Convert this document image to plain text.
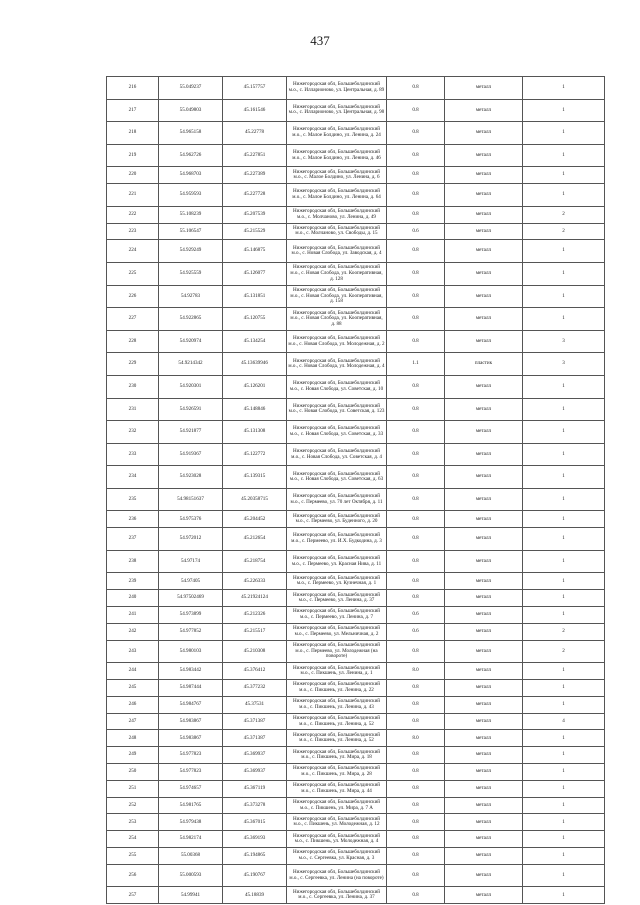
437
216	55.049237	45.157757	Нижегородская обл, Большеболдинский м.о., с. Илларионово, ул. Центральная, д. 89	0.8	металл	1
217	55.049803	45.161546	Нижегородская обл, Большеболдинский м.о., с. Илларионово, ул. Центральная, д. 98	0.8	металл	1
218	54.965158	45.22778	Нижегородская обл, Большеболдинский м.о., с. Малое Болдино, ул. Ленина, д. 24	0.8	металл	1
219	54.962726	45.227851	Нижегородская обл, Большеболдинский м.о., с. Малое Болдино, ул. Ленина, д. 46	0.8	металл	1
220	54.968703	45.227389	Нижегородская обл, Большеболдинский м.о., с. Малое Болдино, ул. Ленина, д. 6	0.8	металл	1
221	54.959593	45.227728	Нижегородская обл, Большеболдинский м.о., с. Малое Болдино, ул. Ленина, д. 64	0.8	металл	1
222	55.108239	45.207539	Нижегородская обл, Большеболдинский м.о., с. Молчаново, ул. Ленина, д. 49	0.8	металл	2
223	55.106547	45.215529	Нижегородская обл, Большеболдинский м.о., с. Молчаново, ул. Свободы, д. 15	0.6	металл	2
224	54.929249	45.146875	Нижегородская обл, Большеболдинский м.о., с. Новая Слобода, ул. Заводская, д. 4	0.8	металл	1
225	54.925559	45.126077	Нижегородская обл, Большеболдинский м.о., с. Новая Слобода, ул. Кооперативная, д. 128	0.8	металл	1
226	54.92783	45.131851	Нижегородская обл, Большеболдинский м.о., с. Новая Слобода, ул. Кооперативная, д. 158	0.8	металл	1
227	54.922865	45.120755	Нижегородская обл, Большеболдинский м.о., с. Новая Слобода, ул. Кооперативная, д. 88	0.8	металл	1
228	54.920974	45.134254	Нижегородская обл, Большеболдинский м.о., с. Новая Слобода, ул. Молодежная, д. 2	0.8	металл	3
229	54.9214342	45.13639946	Нижегородская обл, Большеболдинский м.о., с. Новая Слобода, ул. Молодежная, д. 4	1.1	пластик	3
230	54.920301	45.126201	Нижегородская обл, Большеболдинский м.о., с. Новая Слобода, ул. Советская, д. 10	0.8	металл	1
231	54.926591	45.148846	Нижегородская обл, Большеболдинский м.о., с. Новая Слобода, ул. Советская, д. 123	0.8	металл	1
232	54.921877	45.131308	Нижегородская обл, Большеболдинский м.о., с. Новая Слобода, ул. Советская, д. 33	0.8	металл	1
233	54.919367	45.122772	Нижегородская обл, Большеболдинский м.о., с. Новая Слобода, ул. Советская, д. 4	0.8	металл	1
234	54.923028	45.139315	Нижегородская обл, Большеболдинский м.о., с. Новая Слобода, ул. Советская, д. 63	0.8	металл	1
235	54.98151637	45.20358715	Нижегородская обл, Большеболдинский м.о., с. Пермеево, ул. 70 лет Октября, д. 11	0.8	металл	1
236	54.975376	45.204452	Нижегородская обл, Большеболдинский м.о., с. Пермеево, ул. Буденного, д. 20	0.8	металл	1
237	54.972012	45.212654	Нижегородская обл, Большеболдинский м.о., с. Пермеево, ул. И.Х. Будкодина, д. 3	0.8	металл	1
238	54.97174	45.218754	Нижегородская обл, Большеболдинский м.о., с. Пермеево, ул. Красная Нива, д. 11	0.8	металл	1
239	54.97405	45.226333	Нижегородская обл, Большеболдинский м.о., с. Пермеево, ул. Кузнечная, д. 1	0.8	металл	1
240	54.97502469	45.21924124	Нижегородская обл, Большеболдинский м.о., с. Пермеево, ул. Ленина, д. 37	0.8	металл	1
241	54.973899	45.212326	Нижегородская обл, Большеболдинский м.о., с. Пермеево, ул. Ленина, д. 7	0.6	металл	1
242	54.977852	45.215517	Нижегородская обл, Большеболдинский м.о., с. Пермеево, ул. Мельничная, д. 2	0.6	металл	2
243	54.980103	45.210308	Нижегородская обл, Большеболдинский м.о., с. Пермеево, ул. Молодежная (на повороте)	0.8	металл	2
244	54.983442	45.376412	Нижегородская обл, Большеболдинский м.о., с. Пикшень, ул. Ленина, д. 1	8.0	металл	1
245	54.987444	45.377232	Нижегородская обл, Большеболдинский м.о., с. Пикшень, ул. Ленина, д. 22	0.8	металл	1
246	54.984767	45.37531	Нижегородская обл, Большеболдинский м.о., с. Пикшень, ул. Ленина, д. 43	0.8	металл	1
247	54.983867	45.371387	Нижегородская обл, Большеболдинский м.о., с. Пикшень, ул. Ленина, д. 52	0.8	металл	4
248	54.983867	45.371387	Нижегородская обл, Большеболдинский м.о., с. Пикшень, ул. Ленина, д. 52	8.0	металл	1
249	54.977823	45.369937	Нижегородская обл, Большеболдинский м.о., с. Пикшень, ул. Мира, д. 18	0.8	металл	1
250	54.977823	45.369937	Нижегородская обл, Большеболдинский м.о., с. Пикшень, ул. Мира, д. 28	0.8	металл	1
251	54.974657	45.367119	Нижегородская обл, Большеболдинский м.о., с. Пикшень, ул. Мира, д. 44	0.8	металл	1
252	54.981765	45.373278	Нижегородская обл, Большеболдинский м.о., с. Пикшень, ул. Мира, д. 7 А	0.8	металл	1
253	54.979438	45.367015	Нижегородская обл, Большеболдинский м.о., с. Пикшень, ул. Молодежная, д. 12	0.8	металл	1
254	54.982174	45.369193	Нижегородская обл, Большеболдинский м.о., с. Пикшень, ул. Молодежная, д. 4	0.8	металл	1
255	55.00368	45.194865	Нижегородская обл, Большеболдинский м.о., с. Сергеевка, ул. Красная, д. 3	0.8	металл	1
256	55.000593	45.190767	Нижегородская обл, Большеболдинский м.о., с. Сергеевка, ул. Ленина (на повороте)	0.8	металл	1
257	54.99941	45.18839	Нижегородская обл, Большеболдинский м.о., с. Сергеевка, ул. Ленина, д. 37	0.8	металл	1
